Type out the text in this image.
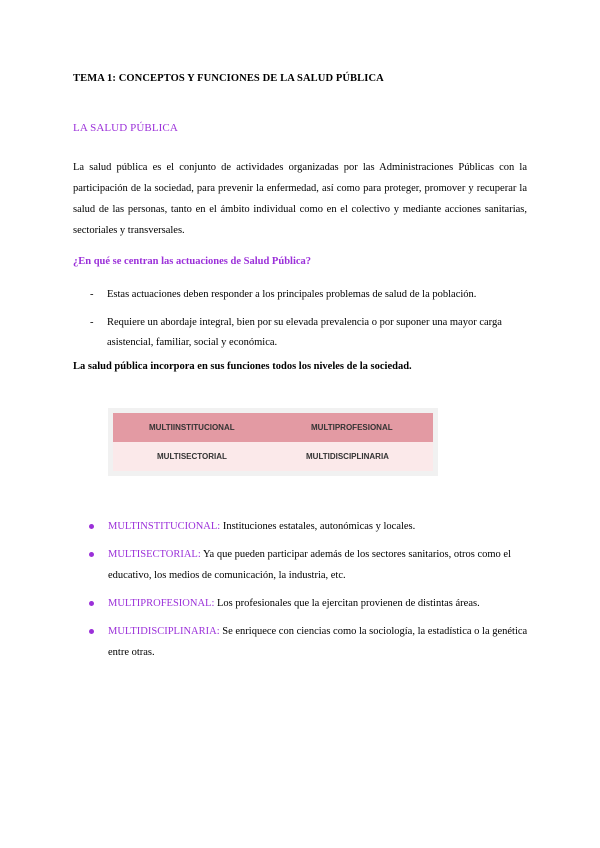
TEMA 1: CONCEPTOS Y FUNCIONES DE LA SALUD PÚBLICA
LA SALUD PÚBLICA
La salud pública es el conjunto de actividades organizadas por las Administraciones Públicas con la participación de la sociedad, para prevenir la enfermedad, así como para proteger, promover y recuperar la salud de las personas, tanto en el ámbito individual como en el colectivo y mediante acciones sanitarias, sectoriales y transversales.
¿En qué se centran las actuaciones de Salud Pública?
- Estas actuaciones deben responder a los principales problemas de salud de la población.
- Requiere un abordaje integral, bien por su elevada prevalencia o por suponer una mayor carga asistencial, familiar, social y económica.
La salud pública incorpora en sus funciones todos los niveles de la sociedad.
MULTIINSTITUCIONAL	MULTIPROFESIONAL
MULTISECTORIAL	MULTIDISCIPLINARIA
MULTINSTITUCIONAL: Instituciones estatales, autonómicas y locales.
MULTISECTORIAL: Ya que pueden participar además de los sectores sanitarios, otros como el educativo, los medios de comunicación, la industria, etc.
MULTIPROFESIONAL: Los profesionales que la ejercitan provienen de distintas áreas.
MULTIDISCIPLINARIA: Se enriquece con ciencias como la sociología, la estadística o la genética entre otras.
